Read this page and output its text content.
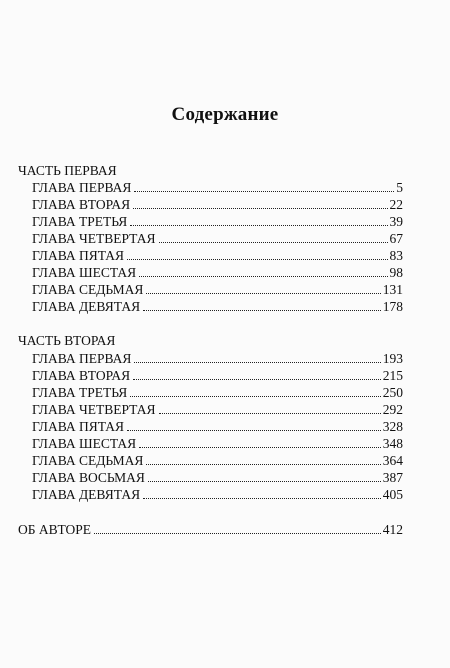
Содержание
ЧАСТЬ ПЕРВАЯ
ГЛАВА ПЕРВАЯ	5
ГЛАВА ВТОРАЯ	22
ГЛАВА ТРЕТЬЯ	39
ГЛАВА ЧЕТВЕРТАЯ	67
ГЛАВА ПЯТАЯ	83
ГЛАВА ШЕСТАЯ	98
ГЛАВА СЕДЬМАЯ	131
ГЛАВА ДЕВЯТАЯ	178
ЧАСТЬ ВТОРАЯ
ГЛАВА ПЕРВАЯ	193
ГЛАВА ВТОРАЯ	215
ГЛАВА ТРЕТЬЯ	250
ГЛАВА ЧЕТВЕРТАЯ	292
ГЛАВА ПЯТАЯ	328
ГЛАВА ШЕСТАЯ	348
ГЛАВА СЕДЬМАЯ	364
ГЛАВА ВОСЬМАЯ	387
ГЛАВА ДЕВЯТАЯ	405
ОБ АВТОРЕ	412
